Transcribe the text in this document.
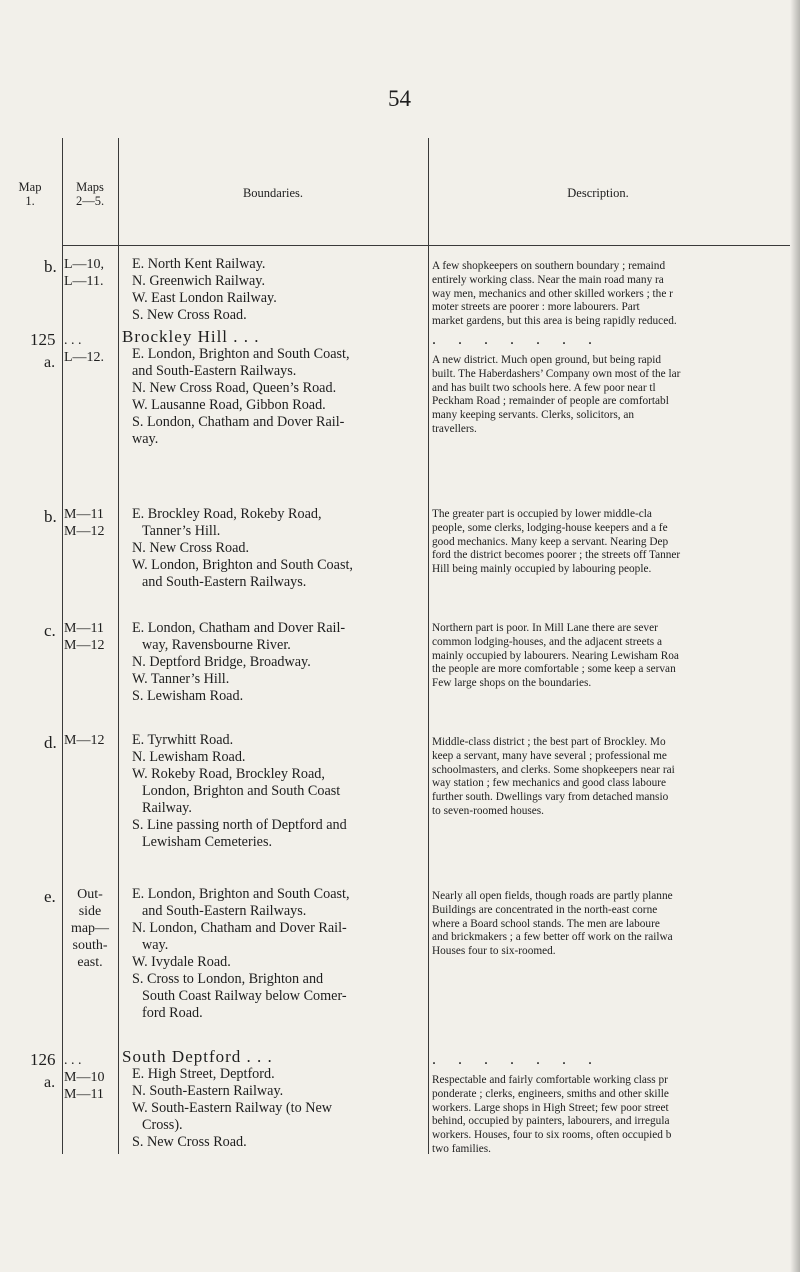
54
Map
1.
Maps
2—5.
Boundaries.	Description.
b. L—10,
L—11.
E. North Kent Railway.
N. Greenwich Railway.
W. East London Railway.
S. New Cross Road.
A few shopkeepers on southern boundary ; remaind
entirely working class. Near the main road many ra
way men, mechanics and other skilled workers ; the r
moter streets are poorer : more labourers. Part
market gardens, but this area is being rapidly reduced.
125
a.
. . .
L—12.
Brockley Hill . . .
E. London, Brighton and South Coast,
and South-Eastern Railways.
N. New Cross Road, Queen’s Road.
W. Lausanne Road, Gibbon Road.
S. London, Chatham and Dover Rail-
way.
. . . . . . .
A new district. Much open ground, but being rapid
built. The Haberdashers’ Company own most of the lar
and has built two schools here. A few poor near tl
Peckham Road ; remainder of people are comfortabl
many keeping servants. Clerks, solicitors, an
travellers.
b. M—11
M—12
E. Brockley Road, Rokeby Road,
Tanner’s Hill.
N. New Cross Road.
W. London, Brighton and South Coast,
and South-Eastern Railways.
The greater part is occupied by lower middle-cla
people, some clerks, lodging-house keepers and a fe
good mechanics. Many keep a servant. Nearing Dep
ford the district becomes poorer ; the streets off Tanner
Hill being mainly occupied by labouring people.
c. M—11
M—12
E. London, Chatham and Dover Rail-
way, Ravensbourne River.
N. Deptford Bridge, Broadway.
W. Tanner’s Hill.
S. Lewisham Road.
Northern part is poor. In Mill Lane there are sever
common lodging-houses, and the adjacent streets a
mainly occupied by labourers. Nearing Lewisham Roa
the people are more comfortable ; some keep a servan
Few large shops on the boundaries.
d. M—12 E. Tyrwhitt Road.
N. Lewisham Road.
W. Rokeby Road, Brockley Road,
London, Brighton and South Coast
Railway.
S. Line passing north of Deptford and
Lewisham Cemeteries.
Middle-class district ; the best part of Brockley. Mo
keep a servant, many have several ; professional me
schoolmasters, and clerks. Some shopkeepers near rai
way station ; few mechanics and good class laboure
further south. Dwellings vary from detached mansio
to seven-roomed houses.
e.	Out-
side
map—
south-
east.
E. London, Brighton and South Coast,
and South-Eastern Railways.
N. London, Chatham and Dover Rail-
way.
W. Ivydale Road.
S. Cross to London, Brighton and
South Coast Railway below Comer-
ford Road.
Nearly all open fields, though roads are partly planne
Buildings are concentrated in the north-east corne
where a Board school stands. The men are laboure
and brickmakers ; a few better off work on the railwa
Houses four to six-roomed.
126
a.
. . .
M—10
M—11
South Deptford . . .
E. High Street, Deptford.
N. South-Eastern Railway.
W. South-Eastern Railway (to New
Cross).
S. New Cross Road.
. . . . . . .
Respectable and fairly comfortable working class pr
ponderate ; clerks, engineers, smiths and other skille
workers. Large shops in High Street; few poor street
behind, occupied by painters, labourers, and irregula
workers. Houses, four to six rooms, often occupied b
two families.
